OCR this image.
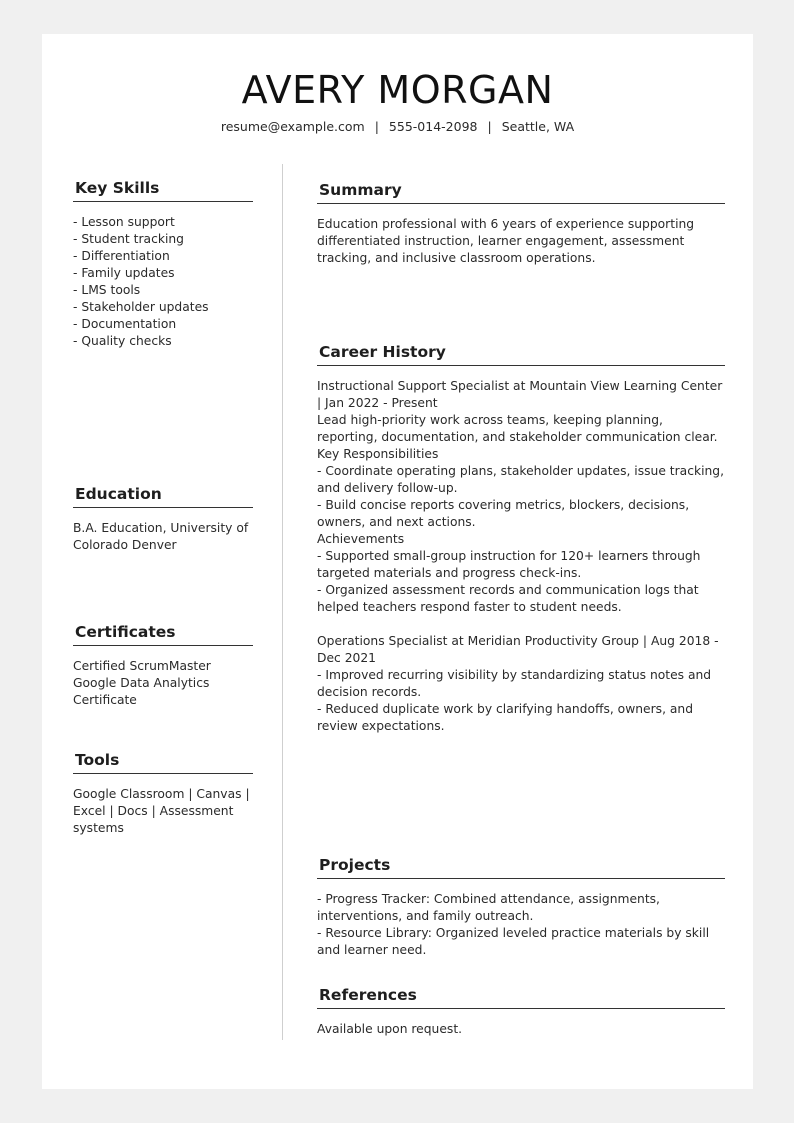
AVERY MORGAN
resume@example.com | 555-014-2098 | Seattle, WA
Key Skills
- Lesson support
- Student tracking
- Differentiation
- Family updates
- LMS tools
- Stakeholder updates
- Documentation
- Quality checks
Education
B.A. Education, University of Colorado Denver
Certificates
Certified ScrumMaster
Google Data Analytics Certificate
Tools
Google Classroom | Canvas | Excel | Docs | Assessment systems
Summary
Education professional with 6 years of experience supporting differentiated instruction, learner engagement, assessment tracking, and inclusive classroom operations.
Career History
Instructional Support Specialist at Mountain View Learning Center | Jan 2022 - Present
Lead high-priority work across teams, keeping planning, reporting, documentation, and stakeholder communication clear.
Key Responsibilities
- Coordinate operating plans, stakeholder updates, issue tracking, and delivery follow-up.
- Build concise reports covering metrics, blockers, decisions, owners, and next actions.
Achievements
- Supported small-group instruction for 120+ learners through targeted materials and progress check-ins.
- Organized assessment records and communication logs that helped teachers respond faster to student needs.
Operations Specialist at Meridian Productivity Group | Aug 2018 - Dec 2021
- Improved recurring visibility by standardizing status notes and decision records.
- Reduced duplicate work by clarifying handoffs, owners, and review expectations.
Projects
- Progress Tracker: Combined attendance, assignments, interventions, and family outreach.
- Resource Library: Organized leveled practice materials by skill and learner need.
References
Available upon request.
